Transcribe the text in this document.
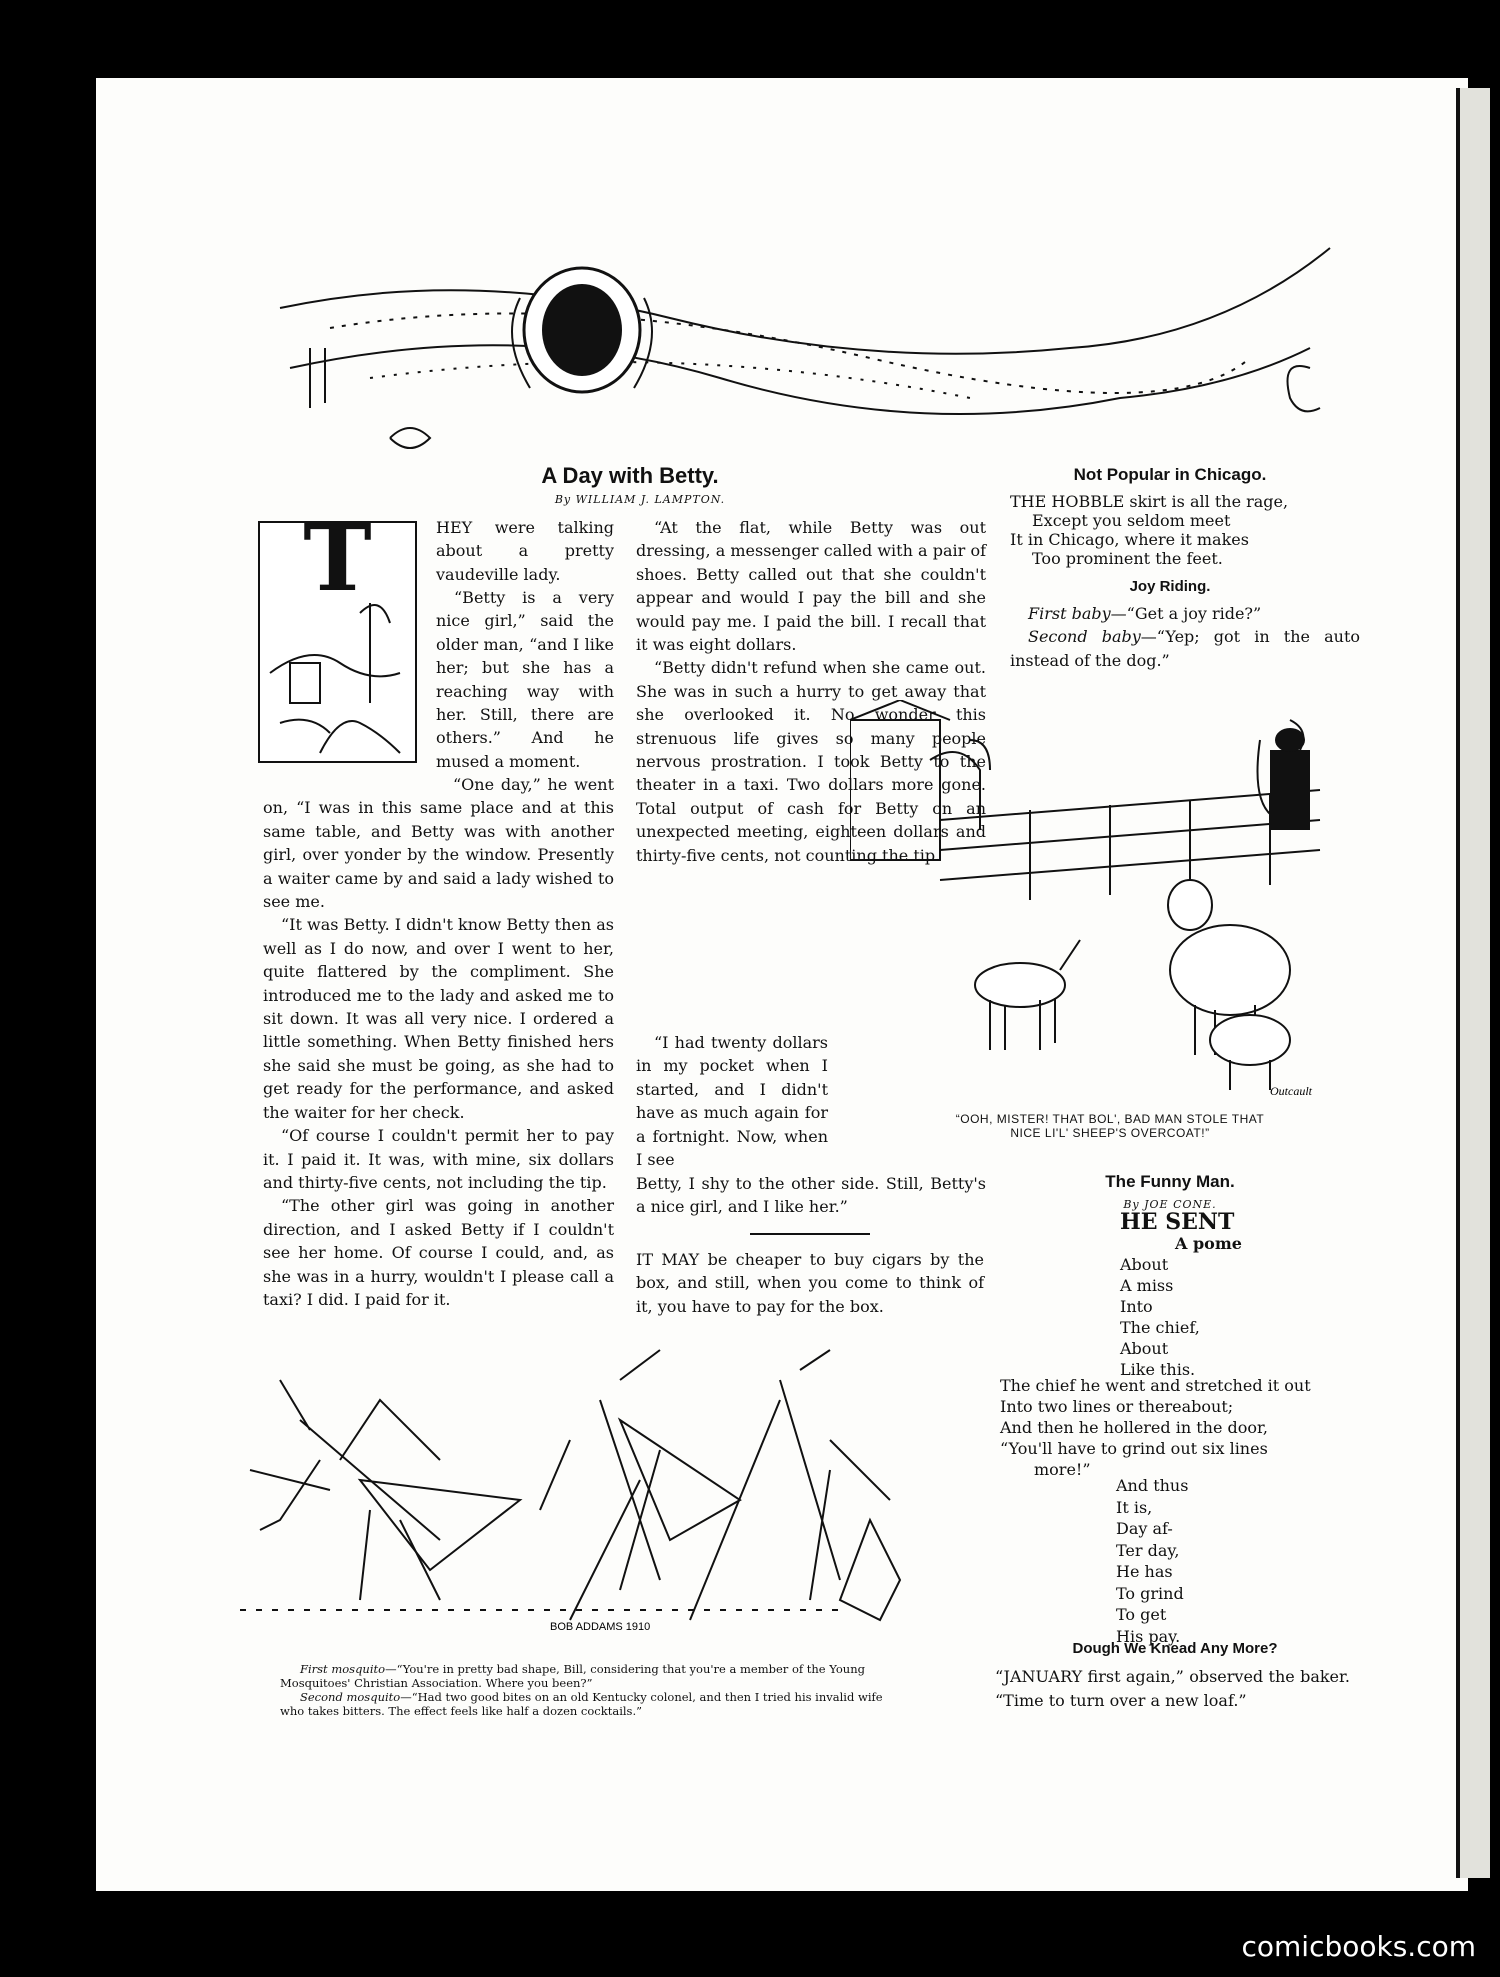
A Day with Betty.
By WILLIAM J. LAMPTON.
T	HEY were talking about a pretty vaudeville lady.

“Betty is a very nice girl,” said the older man, “and I like her; but she has a reaching way with her. Still, there are others.” And he mused a moment.

“One day,” he went on, “I was in this same place and at this same table, and Betty was with another girl, over yonder by the window. Presently a waiter came by and said a lady wished to see me.

“It was Betty. I didn't know Betty then as well as I do now, and over I went to her, quite flattered by the compliment. She introduced me to the lady and asked me to sit down. It was all very nice. I ordered a little something. When Betty finished hers she said she must be going, as she had to get ready for the performance, and asked the waiter for her check.

“Of course I couldn't permit her to pay it. I paid it. It was, with mine, six dollars and thirty-five cents, not including the tip.

“The other girl was going in another direction, and I asked Betty if I couldn't see her home. Of course I could, and, as she was in a hurry, wouldn't I please call a taxi? I did. I paid for it.

“At the flat, while Betty was out dressing, a messenger called with a pair of shoes. Betty called out that she couldn't appear and would I pay the bill and she would pay me. I paid the bill. I recall that it was eight dollars.

“Betty didn't refund when she came out. She was in such a hurry to get away that she overlooked it. No wonder this strenuous life gives so many people nervous prostration. I took Betty to the theater in a taxi. Two dollars more gone. Total output of cash for Betty on an unexpected meeting, eighteen dollars and thirty-five cents, not counting the tip.

“I had twenty dollars in my pocket when I started, and I didn't have as much again for a fortnight. Now, when I see

Betty, I shy to the other side. Still, Betty's a nice girl, and I like her.”
IT MAY be cheaper to buy cigars by the box, and still, when you come to think of it, you have to pay for the box.
Outcault
“OOH, MISTER! THAT BOL', BAD MAN STOLE THAT
NICE LI'L' SHEEP'S OVERCOAT!”
Not Popular in Chicago.
THE HOBBLE skirt is all the rage,
Except you seldom meet
It in Chicago, where it makes
Too prominent the feet.
Joy Riding.

First baby—“Get a joy ride?”

Second baby—“Yep; got in the auto instead of the dog.”

The Funny Man.
By JOE CONE.
HE SENT
A pome
About
A miss
Into
The chief,
About
Like this.
The chief he went and stretched it out
Into two lines or thereabout;
And then he hollered in the door,
“You'll have to grind out six lines
more!”
And thus
It is,
Day af-
Ter day,
He has
To grind
To get
His pay.
Dough We Knead Any More?
“JANUARY first again,” observed the baker. “Time to turn over a new loaf.”
BOB ADDAMS 1910
First mosquito—“You're in pretty bad shape, Bill, considering that you're a member of the Young Mosquitoes' Christian Association. Where you been?”
Second mosquito—“Had two good bites on an old Kentucky colonel, and then I tried his invalid wife who takes bitters. The effect feels like half a dozen cocktails.”
comicbooks.com
